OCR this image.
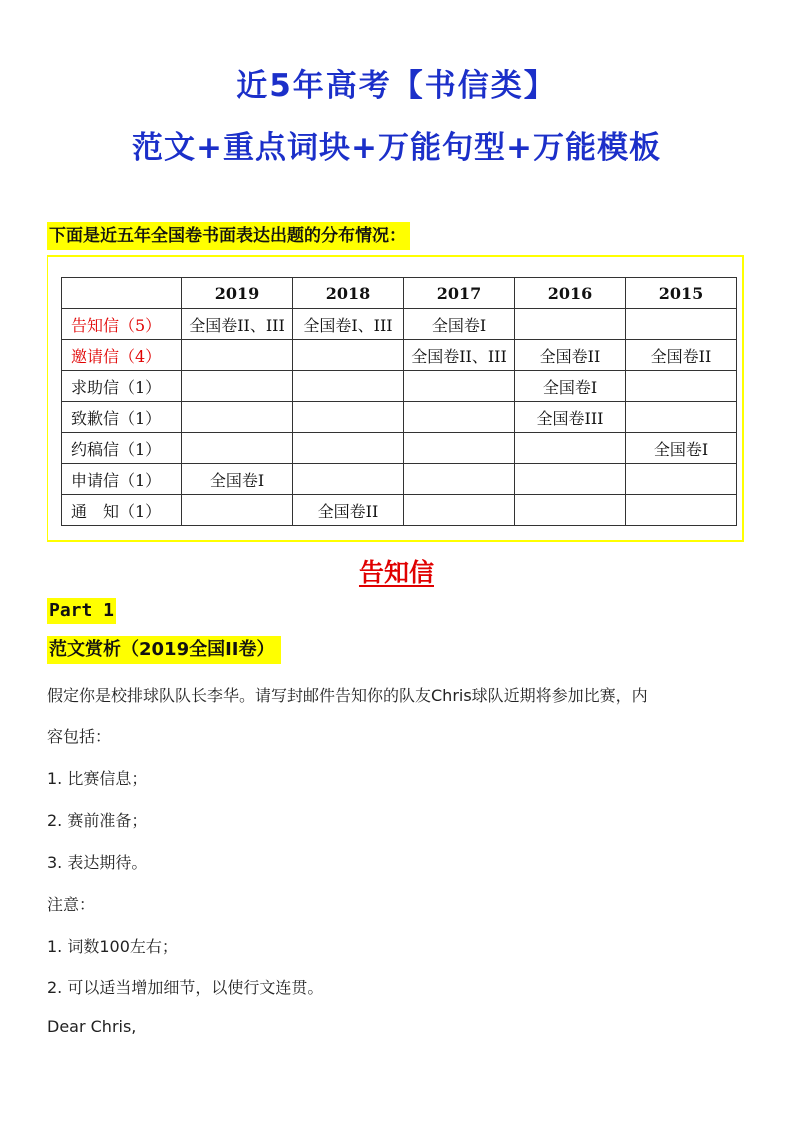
近5年高考【书信类】
范文+重点词块+万能句型+万能模板
下面是近五年全国卷书面表达出题的分布情况：
	2019	2018	2017	2016	2015
告知信（5）	全国卷II、III	全国卷I、III	全国卷I		
邀请信（4）			全国卷II、III	全国卷II	全国卷II
求助信（1）				全国卷I	
致歉信（1）				全国卷III	
约稿信（1）					全国卷I
申请信（1）	全国卷I				
通　知（1）		全国卷II			
告知信
Part 1
范文赏析（2019全国II卷）
假定你是校排球队队长李华。请写封邮件告知你的队友Chris球队近期将参加比赛，内
容包括：
1. 比赛信息；
2. 赛前准备；
3. 表达期待。
注意：
1. 词数100左右；
2. 可以适当增加细节，以使行文连贯。
Dear Chris,
